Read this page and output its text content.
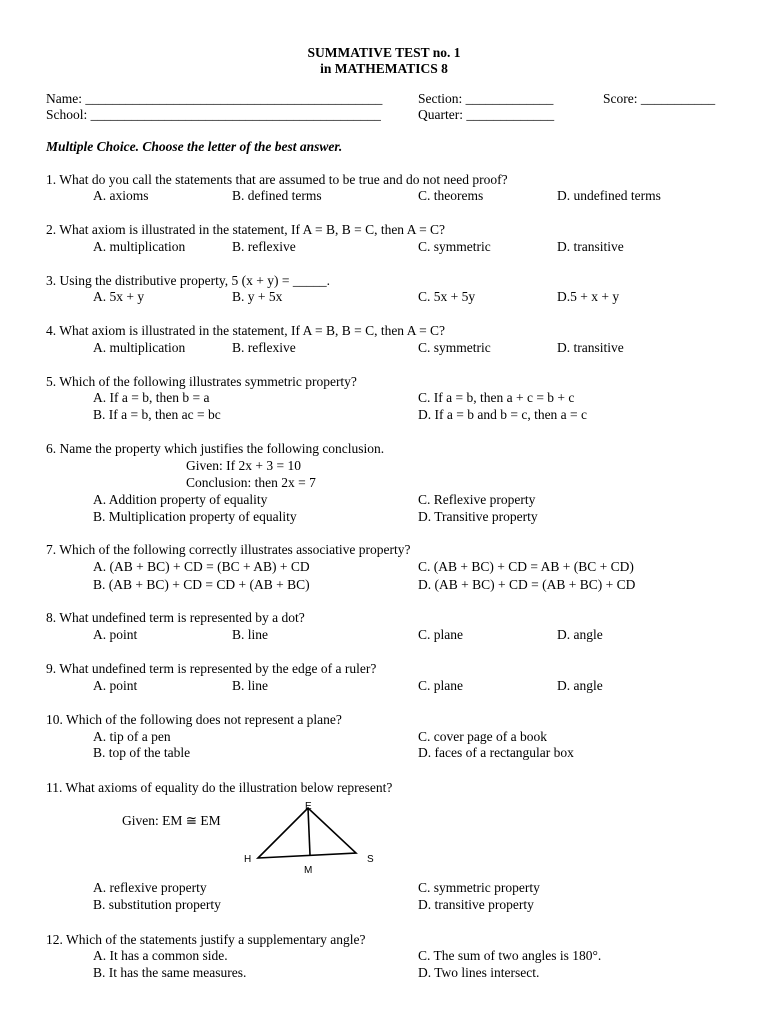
SUMMATIVE TEST no. 1
in MATHEMATICS 8
Name: ____________________________________________	Section: _____________	Score: ___________
School: ___________________________________________	Quarter: _____________
Multiple Choice. Choose the letter of the best answer.
1. What do you call the statements that are assumed to be true and do not need proof?
A. axioms	B. defined terms	C. theorems	D. undefined terms
2. What axiom is illustrated in the statement, If A = B, B = C, then A = C?
A. multiplication	B. reflexive	C. symmetric	D. transitive
3. Using the distributive property, 5 (x + y) = _____.
A. 5x + y	B. y + 5x	C. 5x + 5y	D.5 + x + y
4. What axiom is illustrated in the statement, If A = B, B = C, then A = C?
A. multiplication	B. reflexive	C. symmetric	D. transitive
5. Which of the following illustrates symmetric property?
A. If a = b, then b = a	C. If a = b, then a + c = b + c
B. If a = b, then ac = bc	D. If a = b and b = c, then a = c
6. Name the property which justifies the following conclusion.
Given: If 2x + 3 = 10
Conclusion: then 2x = 7
A. Addition property of equality	C. Reflexive property
B. Multiplication property of equality	D. Transitive property
7. Which of the following correctly illustrates associative property?
A. (AB + BC) + CD = (BC + AB) + CD	C. (AB + BC) + CD = AB + (BC + CD)
B. (AB + BC) + CD = CD + (AB + BC)	D. (AB + BC) + CD = (AB + BC) + CD
8. What undefined term is represented by a dot?
A. point	B. line	C. plane	D. angle
9. What undefined term is represented by the edge of a ruler?
A. point	B. line	C. plane	D. angle
10. Which of the following does not represent a plane?
A. tip of a pen	C. cover page of a book
B. top of the table	D. faces of a rectangular box
11. What axioms of equality do the illustration below represent?
Given: EM ≅ EM
E
H	S
M
A. reflexive property	C. symmetric property
B. substitution property	D. transitive property
12. Which of the statements justify a supplementary angle?
A. It has a common side.	C. The sum of two angles is 180°.
B. It has the same measures.	D. Two lines intersect.
